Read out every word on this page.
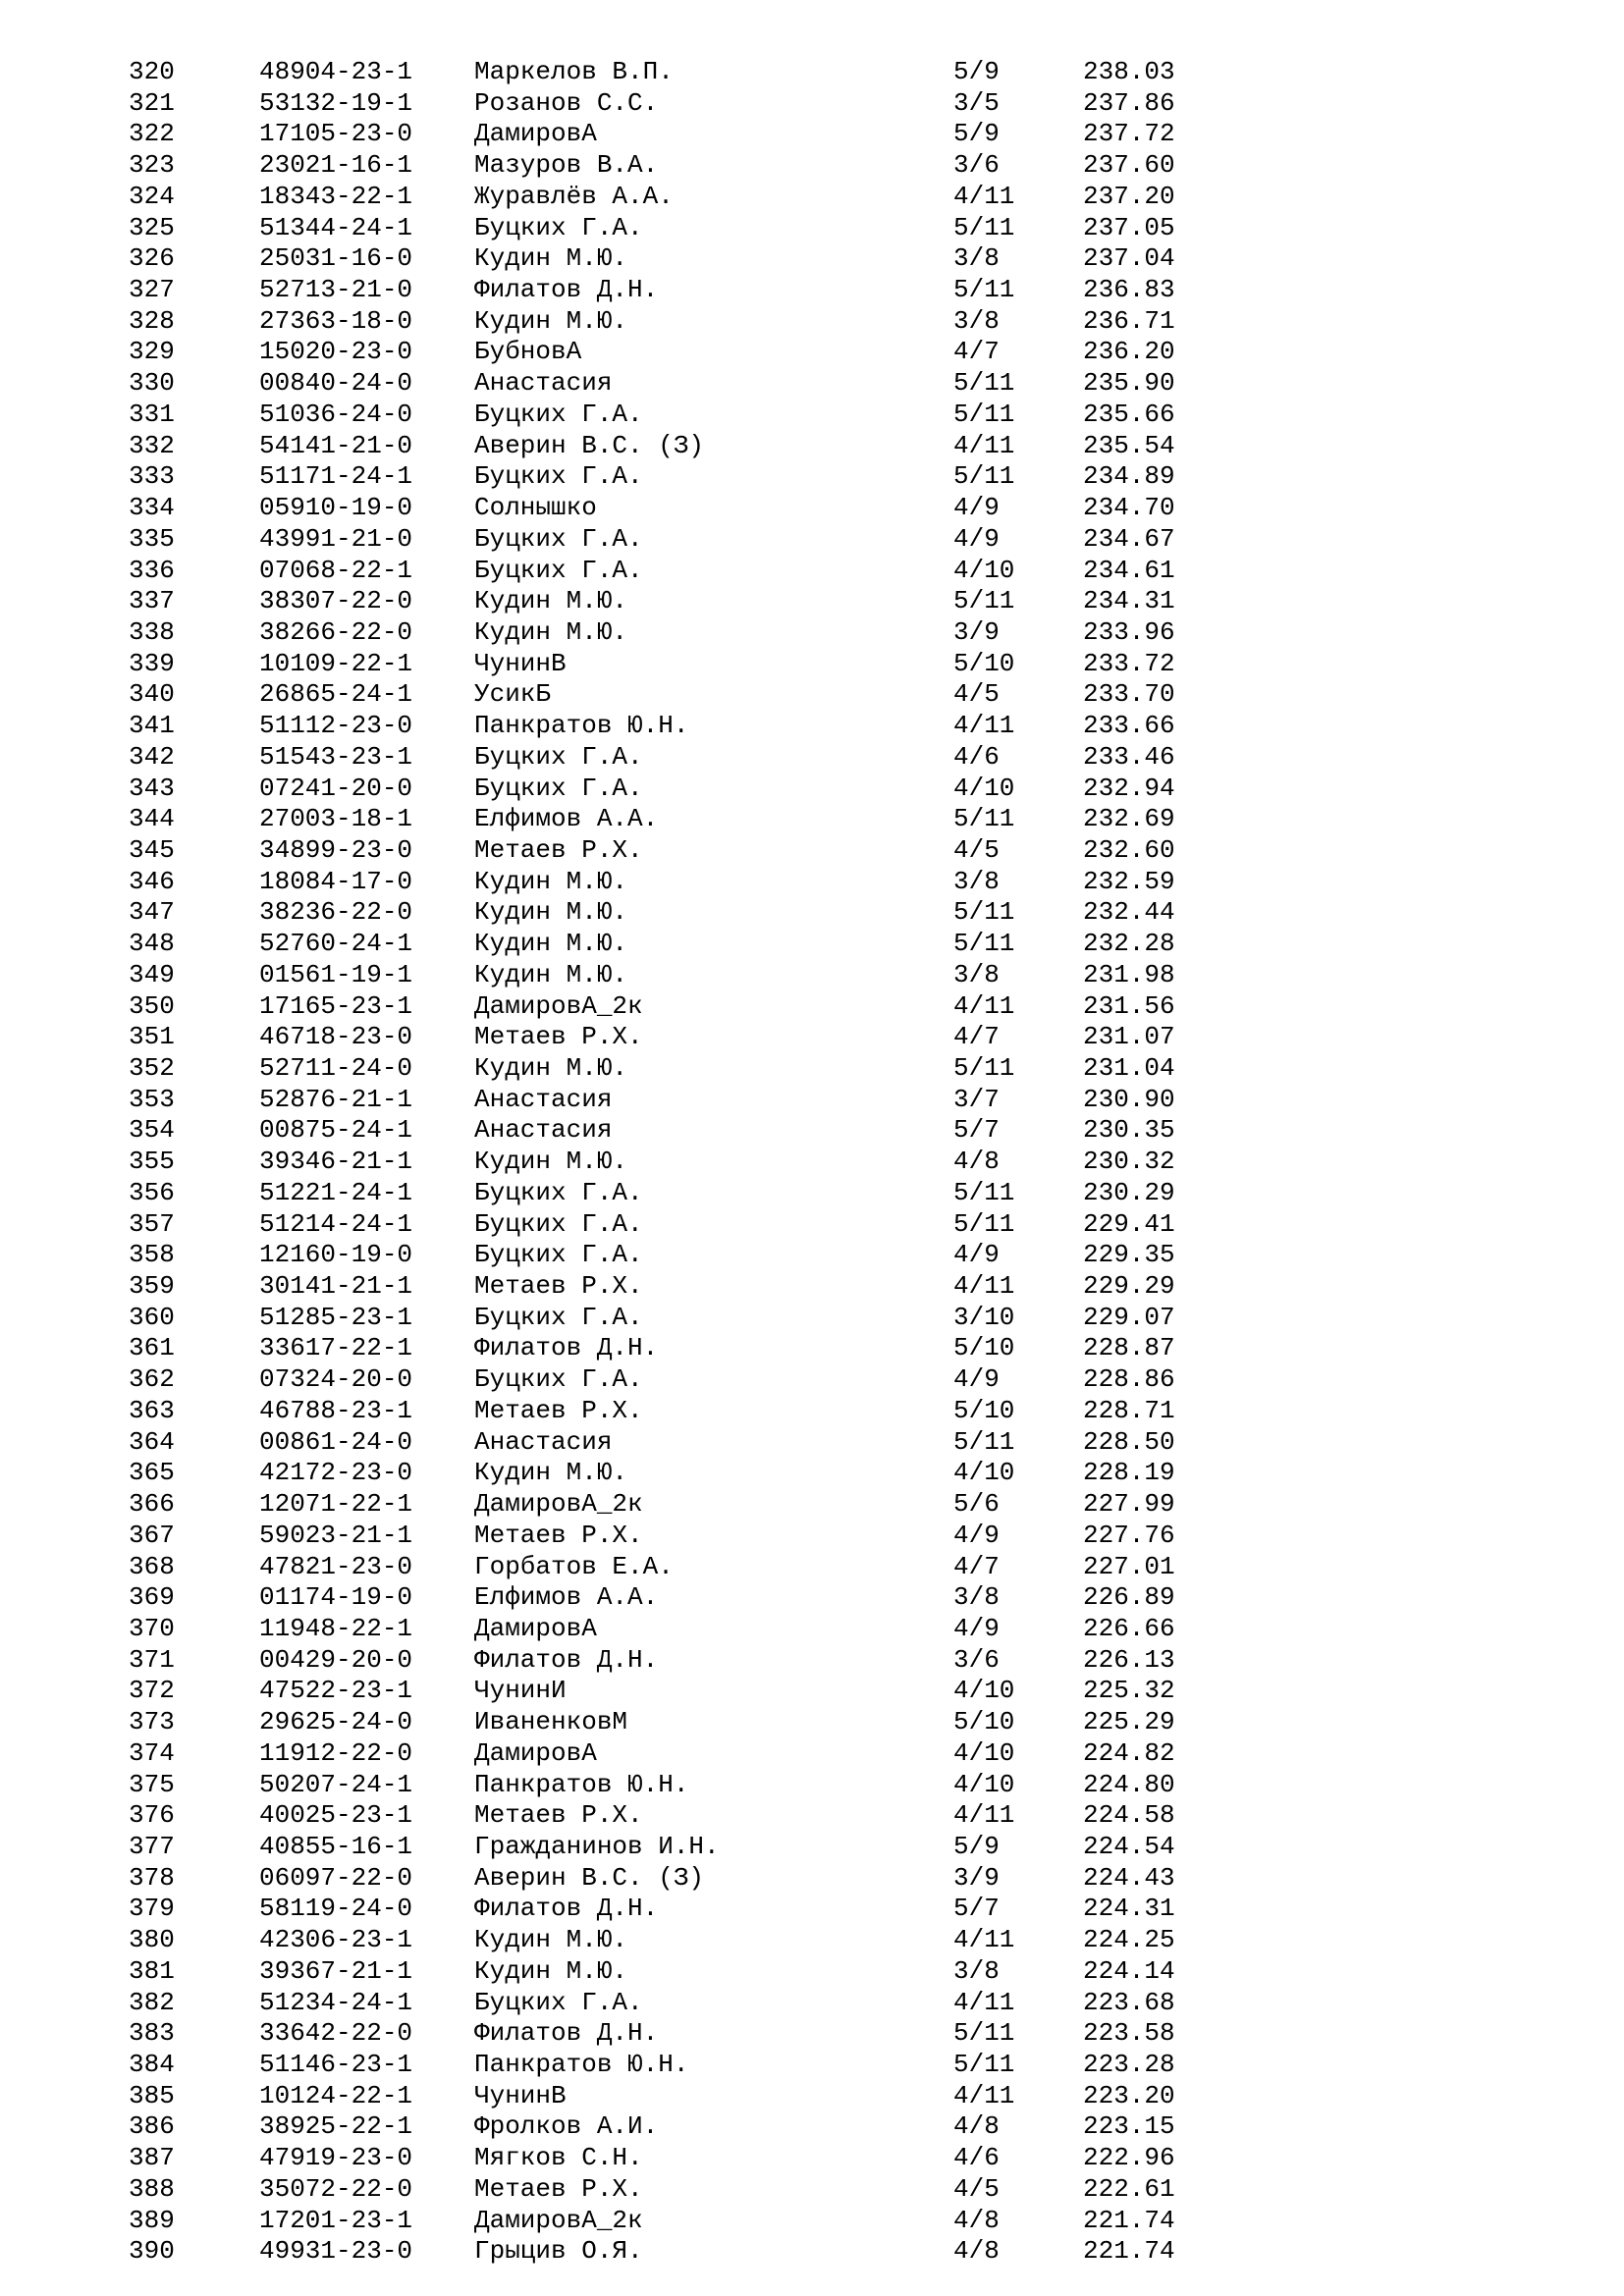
320	48904-23-1 Маркелов В.П.	5/9	238.03
321	53132-19-1 Розанов С.С.	3/5	237.86
322	17105-23-0 ДамировА	5/9	237.72
323	23021-16-1 Мазуров В.А.	3/6	237.60
324	18343-22-1 Журавлёв А.А.	4/11	237.20
325	51344-24-1 Буцких Г.А.	5/11	237.05
326	25031-16-0 Кудин М.Ю.	3/8	237.04
327	52713-21-0 Филатов Д.Н.	5/11	236.83
328	27363-18-0 Кудин М.Ю.	3/8	236.71
329	15020-23-0 БубновА	4/7	236.20
330	00840-24-0 Анастасия	5/11	235.90
331	51036-24-0 Буцких Г.А.	5/11	235.66
332	54141-21-0 Аверин В.С. (З)	4/11	235.54
333	51171-24-1 Буцких Г.А.	5/11	234.89
334	05910-19-0 Солнышко	4/9	234.70
335	43991-21-0 Буцких Г.А.	4/9	234.67
336	07068-22-1 Буцких Г.А.	4/10	234.61
337	38307-22-0 Кудин М.Ю.	5/11	234.31
338	38266-22-0 Кудин М.Ю.	3/9	233.96
339	10109-22-1 ЧунинВ	5/10	233.72
340	26865-24-1 УсикБ	4/5	233.70
341	51112-23-0 Панкратов Ю.Н.	4/11	233.66
342	51543-23-1 Буцких Г.А.	4/6	233.46
343	07241-20-0 Буцких Г.А.	4/10	232.94
344	27003-18-1 Елфимов А.А.	5/11	232.69
345	34899-23-0 Метаев Р.Х.	4/5	232.60
346	18084-17-0 Кудин М.Ю.	3/8	232.59
347	38236-22-0 Кудин М.Ю.	5/11	232.44
348	52760-24-1 Кудин М.Ю.	5/11	232.28
349	01561-19-1 Кудин М.Ю.	3/8	231.98
350	17165-23-1 ДамировА_2к	4/11	231.56
351	46718-23-0 Метаев Р.Х.	4/7	231.07
352	52711-24-0 Кудин М.Ю.	5/11	231.04
353	52876-21-1 Анастасия	3/7	230.90
354	00875-24-1 Анастасия	5/7	230.35
355	39346-21-1 Кудин М.Ю.	4/8	230.32
356	51221-24-1 Буцких Г.А.	5/11	230.29
357	51214-24-1 Буцких Г.А.	5/11	229.41
358	12160-19-0 Буцких Г.А.	4/9	229.35
359	30141-21-1 Метаев Р.Х.	4/11	229.29
360	51285-23-1 Буцких Г.А.	3/10	229.07
361	33617-22-1 Филатов Д.Н.	5/10	228.87
362	07324-20-0 Буцких Г.А.	4/9	228.86
363	46788-23-1 Метаев Р.Х.	5/10	228.71
364	00861-24-0 Анастасия	5/11	228.50
365	42172-23-0 Кудин М.Ю.	4/10	228.19
366	12071-22-1 ДамировА_2к	5/6	227.99
367	59023-21-1 Метаев Р.Х.	4/9	227.76
368	47821-23-0 Горбатов Е.А.	4/7	227.01
369	01174-19-0 Елфимов А.А.	3/8	226.89
370	11948-22-1 ДамировА	4/9	226.66
371	00429-20-0 Филатов Д.Н.	3/6	226.13
372	47522-23-1 ЧунинИ	4/10	225.32
373	29625-24-0 ИваненковМ	5/10	225.29
374	11912-22-0 ДамировА	4/10	224.82
375	50207-24-1 Панкратов Ю.Н.	4/10	224.80
376	40025-23-1 Метаев Р.Х.	4/11	224.58
377	40855-16-1 Гражданинов И.Н.	5/9	224.54
378	06097-22-0 Аверин В.С. (З)	3/9	224.43
379	58119-24-0 Филатов Д.Н.	5/7	224.31
380	42306-23-1 Кудин М.Ю.	4/11	224.25
381	39367-21-1 Кудин М.Ю.	3/8	224.14
382	51234-24-1 Буцких Г.А.	4/11	223.68
383	33642-22-0 Филатов Д.Н.	5/11	223.58
384	51146-23-1 Панкратов Ю.Н.	5/11	223.28
385	10124-22-1 ЧунинВ	4/11	223.20
386	38925-22-1 Фролков А.И.	4/8	223.15
387	47919-23-0 Мягков С.Н.	4/6	222.96
388	35072-22-0 Метаев Р.Х.	4/5	222.61
389	17201-23-1 ДамировА_2к	4/8	221.74
390	49931-23-0 Грыцив О.Я.	4/8	221.74
